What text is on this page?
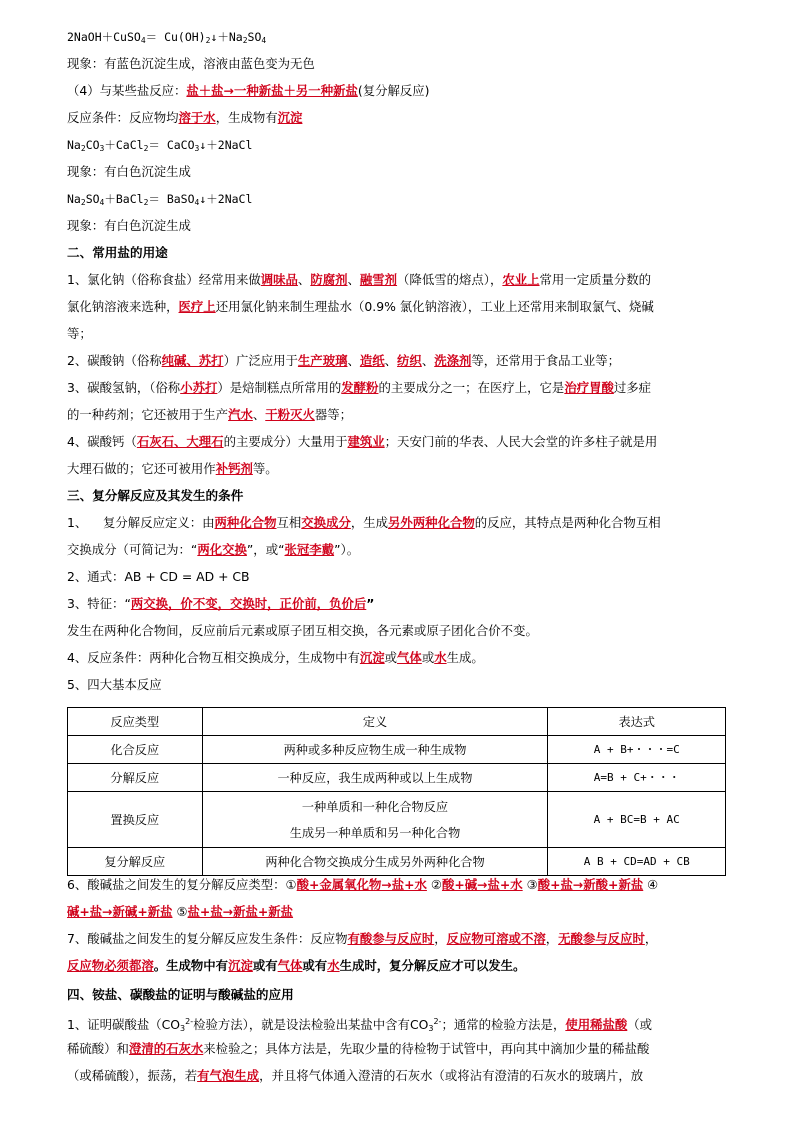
2NaOH＋CuSO$_4$＝ $Cu(OH)_2↓+Na_2SO_4$
现象：有蓝色沉淀生成，溶液由蓝色变为无色
（4）与某些盐反应：盐＋盐→一种新盐＋另一种新盐(复分解反应)
反应条件：反应物均溶于水，生成物有沉淀
$Na_2CO_3+CaCl_2=$ CaCO$_3$↓＋2NaCl
现象：有白色沉淀生成
$Na_2SO_4+BaCl_2=$ BaSO$_4$↓＋2NaCl
现象：有白色沉淀生成
二、常用盐的用途
1、氯化钠（俗称食盐）经常用来做调味品、防腐剂、融雪剂（降低雪的熔点），农业上常用一定质量分数的
氯化钠溶液来选种，医疗上还用氯化钠来制生理盐水（0.9% 氯化钠溶液），工业上还常用来制取氯气、烧碱
等；
2、碳酸钠（俗称纯碱、苏打）广泛应用于生产玻璃、造纸、纺织、洗涤剂等，还常用于食品工业等；
3、碳酸氢钠，（俗称小苏打）是焙制糕点所常用的发酵粉的主要成分之一；在医疗上，它是治疗胃酸过多症
的一种药剂；它还被用于生产汽水、干粉灭火器等；
4、碳酸钙（石灰石、大理石的主要成分）大量用于建筑业；天安门前的华表、人民大会堂的许多柱子就是用
大理石做的；它还可被用作补钙剂等。
三、复分解反应及其发生的条件
1、    复分解反应定义：由两种化合物互相交换成分，生成另外两种化合物的反应，其特点是两种化合物互相
交换成分（可简记为：“两化交换”，或“张冠李戴”）。
2、通式：AB + CD = AD + CB
3、特征：“两交换，价不变，交换时，正价前，负价后”
发生在两种化合物间，反应前后元素或原子团互相交换，各元素或原子团化合价不变。
4、反应条件：两种化合物互相交换成分，生成物中有沉淀或气体或水生成。
5、四大基本反应
反应类型	定义	表达式
化合反应	两种或多种反应物生成一种生成物	A + B+・・・=C
分解反应	一种反应，我生成两种或以上生成物	A=B + C+・・・
置换反应	一种单质和一种化合物反应
生成另一种单质和另一种化合物	A + BC=B + AC
复分解反应	两种化合物交换成分生成另外两种化合物	A B + CD=AD + CB
6、酸碱盐之间发生的复分解反应类型：①酸+金属氧化物→盐+水 ②酸+碱→盐+水 ③酸+盐→新酸+新盐 ④
碱+盐→新碱+新盐 ⑤盐+盐→新盐+新盐
7、酸碱盐之间发生的复分解反应发生条件：反应物有酸参与反应时，反应物可溶或不溶，无酸参与反应时，
反应物必须都溶。生成物中有沉淀或有气体或有水生成时，复分解反应才可以发生。
四、铵盐、碳酸盐的证明与酸碱盐的应用
1、证明碳酸盐（$CO_3^{2-}$检验方法），就是设法检验出某盐中含有$CO_3^{2-}$；通常的检验方法是，使用稀盐酸（或
稀硫酸）和澄清的石灰水来检验之；具体方法是，先取少量的待检物于试管中，再向其中滴加少量的稀盐酸
（或稀硫酸），振荡，若有气泡生成，并且将气体通入澄清的石灰水（或将沾有澄清的石灰水的玻璃片，放
